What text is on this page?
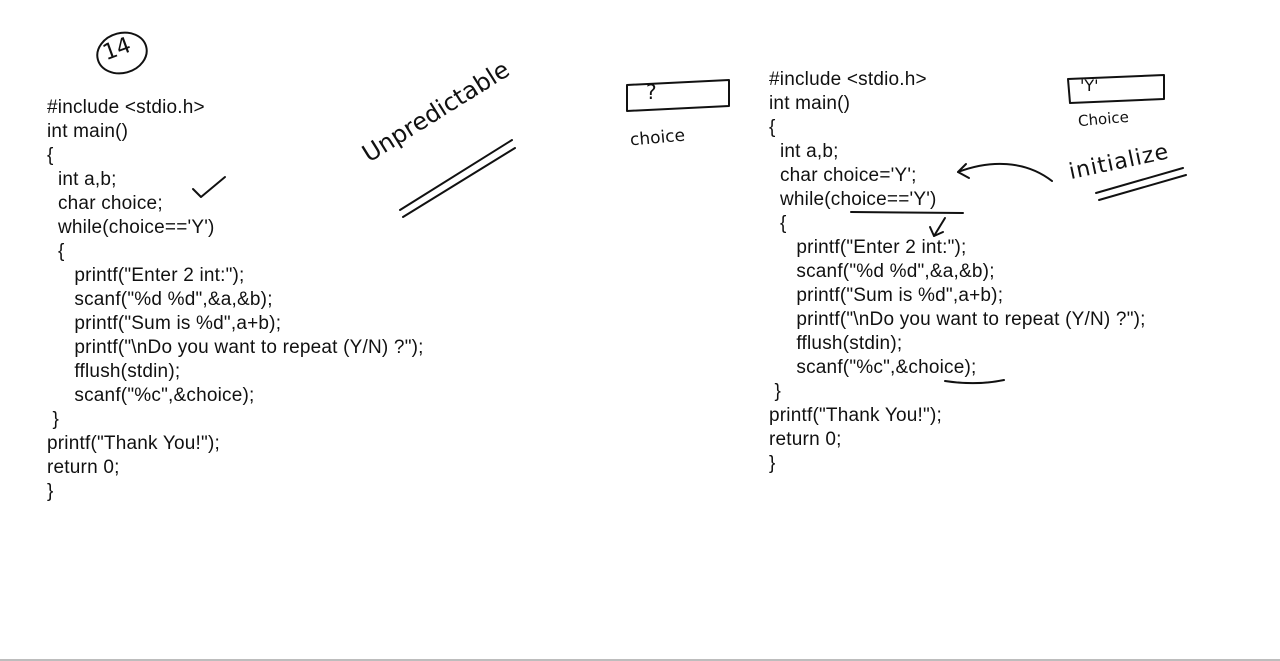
14
#include <stdio.h>
int main()
{
int a,b;
char choice;
while(choice=='Y')
{
printf("Enter 2 int:");
scanf("%d %d",&a,&b);
printf("Sum is %d",a+b);
printf("\nDo you want to repeat (Y/N) ?");
fflush(stdin);
scanf("%c",&choice);
}
printf("Thank You!");
return 0;
}
#include <stdio.h>
int main()
{
int a,b;
char choice='Y';
while(choice=='Y')
{
printf("Enter 2 int:");
scanf("%d %d",&a,&b);
printf("Sum is %d",a+b);
printf("\nDo you want to repeat (Y/N) ?");
fflush(stdin);
scanf("%c",&choice);
}
printf("Thank You!");
return 0;
}
Unpredictable	initialize
?
choice
'Y'
Choice
